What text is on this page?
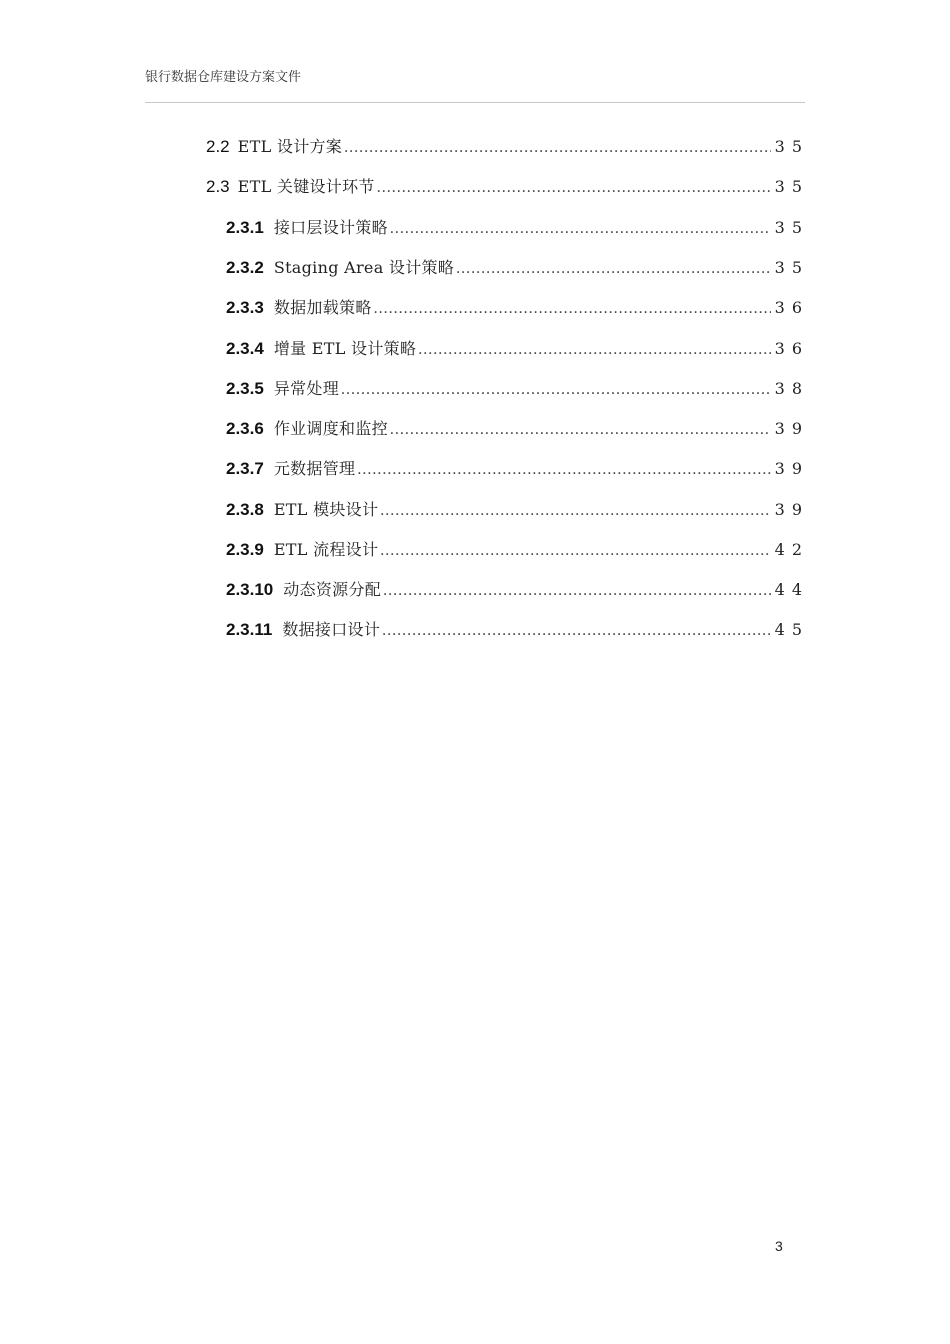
银行数据仓库建设方案文件
2.2 ETL 设计方案 .....	35
2.3 ETL 关键设计环节 .....	35
2.3.1 接口层设计策略 .....	35
2.3.2 Staging Area 设计策略 .....	35
2.3.3 数据加载策略 .....	36
2.3.4 增量 ETL 设计策略 .....	36
2.3.5 异常处理 .....	38
2.3.6 作业调度和监控 .....	39
2.3.7 元数据管理 .....	39
2.3.8 ETL 模块设计 .....	39
2.3.9 ETL 流程设计 .....	42
2.3.10 动态资源分配 .....	44
2.3.11 数据接口设计 .....	45
3
